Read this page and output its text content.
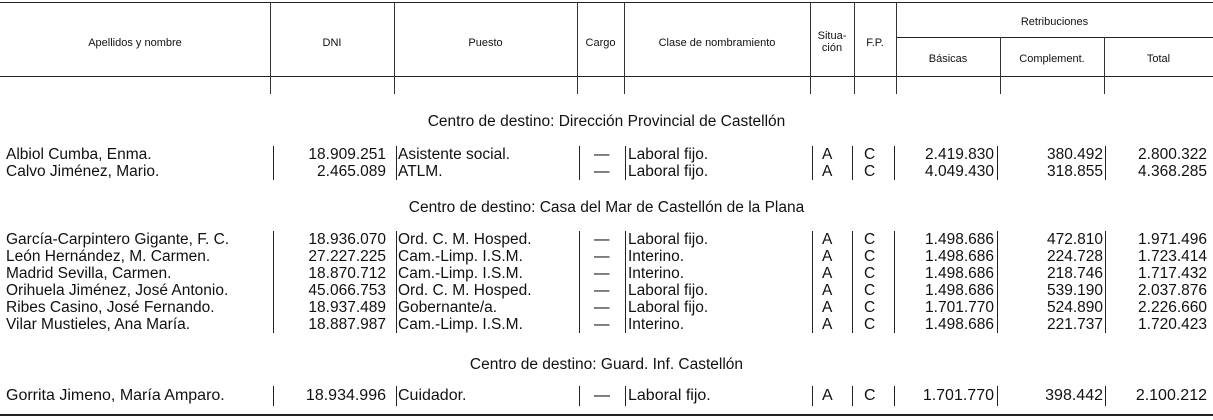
Apellidos y nombre	DNI	Puesto	Cargo	Clase de nombramiento
Situa-
ción	F.P.
Retribuciones
Básicas	Complement.	Total
Centro de destino: Dirección Provincial de Castellón
Albiol Cumba, Enma.	18.909.251 Asistente social.	— Laboral fijo.	A C	2.419.830	380.492	2.800.322
Calvo Jiménez, Mario.	2.465.089 ATLM.	— Laboral fijo.	A C	4.049.430	318.855	4.368.285
Centro de destino: Casa del Mar de Castellón de la Plana
García-Carpintero Gigante, F. C.	18.936.070 Ord. C. M. Hosped.	— Laboral fijo.	A C	1.498.686	472.810	1.971.496
León Hernández, M. Carmen.	27.227.225 Cam.-Limp. I.S.M.	— Interino.	A C	1.498.686	224.728	1.723.414
Madrid Sevilla, Carmen.	18.870.712 Cam.-Limp. I.S.M.	— Interino.	A C	1.498.686	218.746	1.717.432
Orihuela Jiménez, José Antonio.	45.066.753 Ord. C. M. Hosped.	— Laboral fijo.	A C	1.498.686	539.190	2.037.876
Ribes Casino, José Fernando.	18.937.489 Gobernante/a.	— Laboral fijo.	A C	1.701.770	524.890	2.226.660
Vilar Mustieles, Ana María.	18.887.987 Cam.-Limp. I.S.M.	— Interino.	A C	1.498.686	221.737	1.720.423
Centro de destino: Guard. Inf. Castellón
Gorrita Jimeno, María Amparo.	18.934.996 Cuidador.	— Laboral fijo.	A C	1.701.770	398.442	2.100.212
